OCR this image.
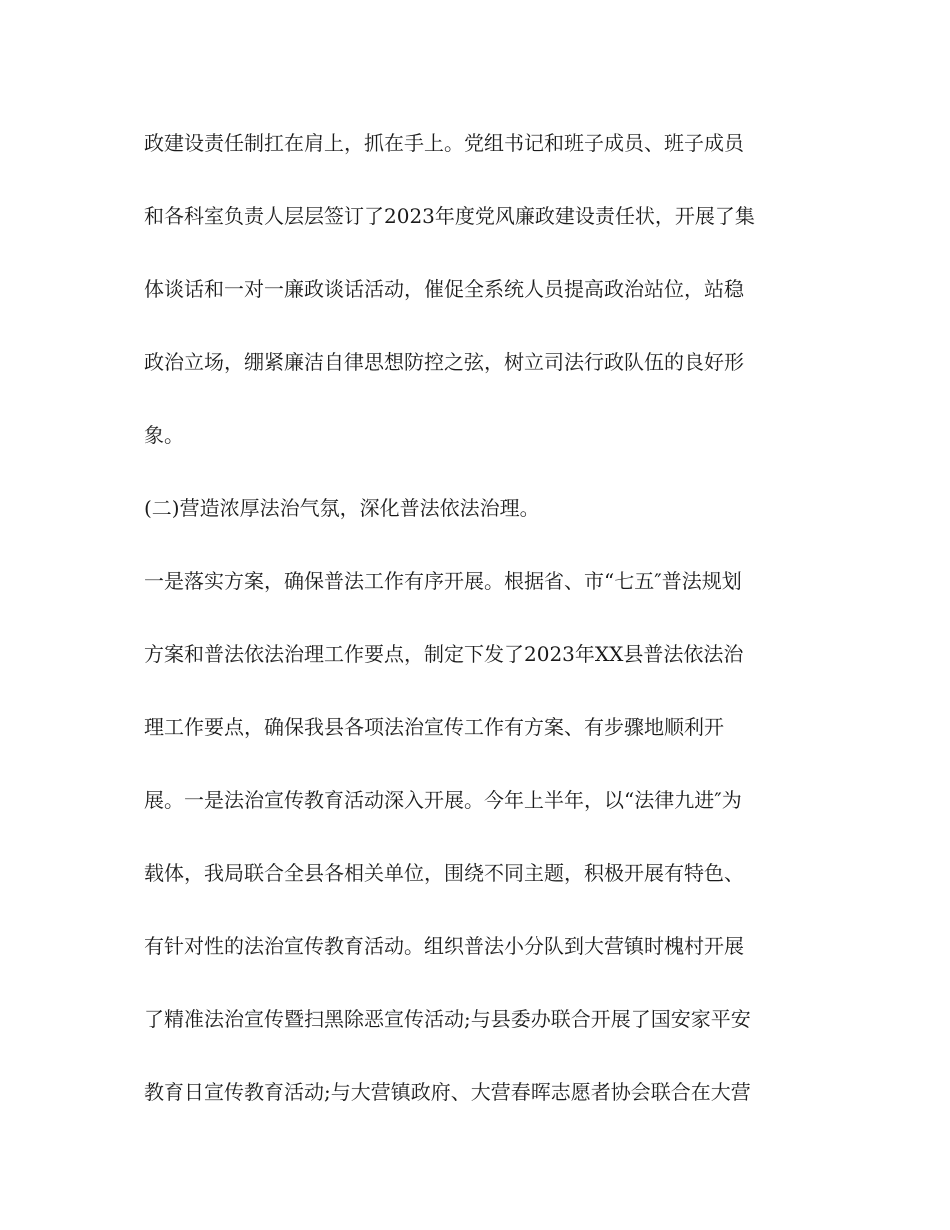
政建设责任制扛在肩上，抓在手上。党组书记和班子成员、班子成员
和各科室负责人层层签订了2023年度党风廉政建设责任状，开展了集
体谈话和一对一廉政谈话活动，催促全系统人员提高政治站位，站稳
政治立场，绷紧廉洁自律思想防控之弦，树立司法行政队伍的良好形
象。
(二)营造浓厚法治气氛，深化普法依法治理。
一是落实方案，确保普法工作有序开展。根据省、市“七五″普法规划
方案和普法依法治理工作要点，制定下发了2023年XX县普法依法治
理工作要点，确保我县各项法治宣传工作有方案、有步骤地顺利开
展。一是法治宣传教育活动深入开展。今年上半年，以“法律九进″为
载体，我局联合全县各相关单位，围绕不同主题，积极开展有特色、
有针对性的法治宣传教育活动。组织普法小分队到大营镇时槐村开展
了精准法治宣传暨扫黑除恶宣传活动;与县委办联合开展了国安家平安
教育日宣传教育活动;与大营镇政府、大营春晖志愿者协会联合在大营
